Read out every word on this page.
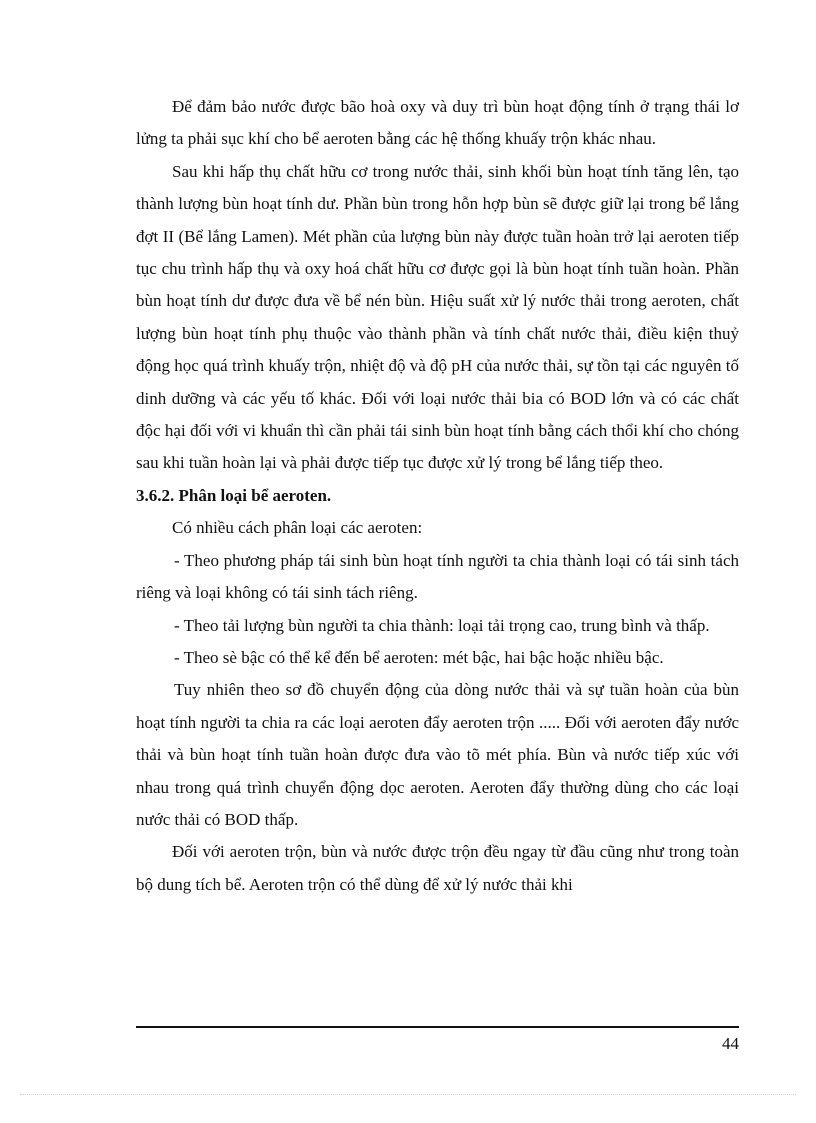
Để đảm bảo nước được bão hoà oxy và duy trì bùn hoạt động tính ở trạng thái lơ lửng ta phải sục khí cho bể aeroten bằng các hệ thống khuấy trộn khác nhau.

Sau khi hấp thụ chất hữu cơ trong nước thải, sinh khối bùn hoạt tính tăng lên, tạo thành lượng bùn hoạt tính dư. Phần bùn trong hỗn hợp bùn sẽ được giữ lại trong bể lắng đợt II (Bể lắng Lamen). Mét phần của lượng bùn này được tuần hoàn trở lại aeroten tiếp tục chu trình hấp thụ và oxy hoá chất hữu cơ được gọi là bùn hoạt tính tuần hoàn. Phần bùn hoạt tính dư được đưa về bể nén bùn. Hiệu suất xử lý nước thải trong aeroten, chất lượng bùn hoạt tính phụ thuộc vào thành phần và tính chất nước thải, điều kiện thuỷ động học quá trình khuấy trộn, nhiệt độ và độ pH của nước thải, sự tồn tại các nguyên tố dinh dưỡng và các yếu tố khác. Đối với loại nước thải bia có BOD lớn và có các chất độc hại đối với vi khuẩn thì cần phải tái sinh bùn hoạt tính bằng cách thổi khí cho chóng sau khi tuần hoàn lại và phải được tiếp tục được xử lý trong bể lắng tiếp theo.

3.6.2. Phân loại bể aeroten.

Có nhiều cách phân loại các aeroten:

- Theo phương pháp tái sinh bùn hoạt tính người ta chia thành loại có tái sinh tách riêng và loại không có tái sinh tách riêng.

- Theo tải lượng bùn người ta chia thành: loại tải trọng cao, trung bình và thấp.

- Theo sè bậc có thể kể đến bể aeroten: mét bậc, hai bậc hoặc nhiều bậc.

Tuy nhiên theo sơ đồ chuyển động của dòng nước thải và sự tuần hoàn của bùn hoạt tính người ta chia ra các loại aeroten đẩy aeroten trộn ..... Đối với aeroten đẩy nước thải và bùn hoạt tính tuần hoàn được đưa vào tõ mét phía. Bùn và nước tiếp xúc với nhau trong quá trình chuyển động dọc aeroten. Aeroten đẩy thường dùng cho các loại nước thải có BOD thấp.

Đối với aeroten trộn, bùn và nước được trộn đều ngay từ đầu cũng như trong toàn bộ dung tích bể. Aeroten trộn có thể dùng để xử lý nước thải khi

44
